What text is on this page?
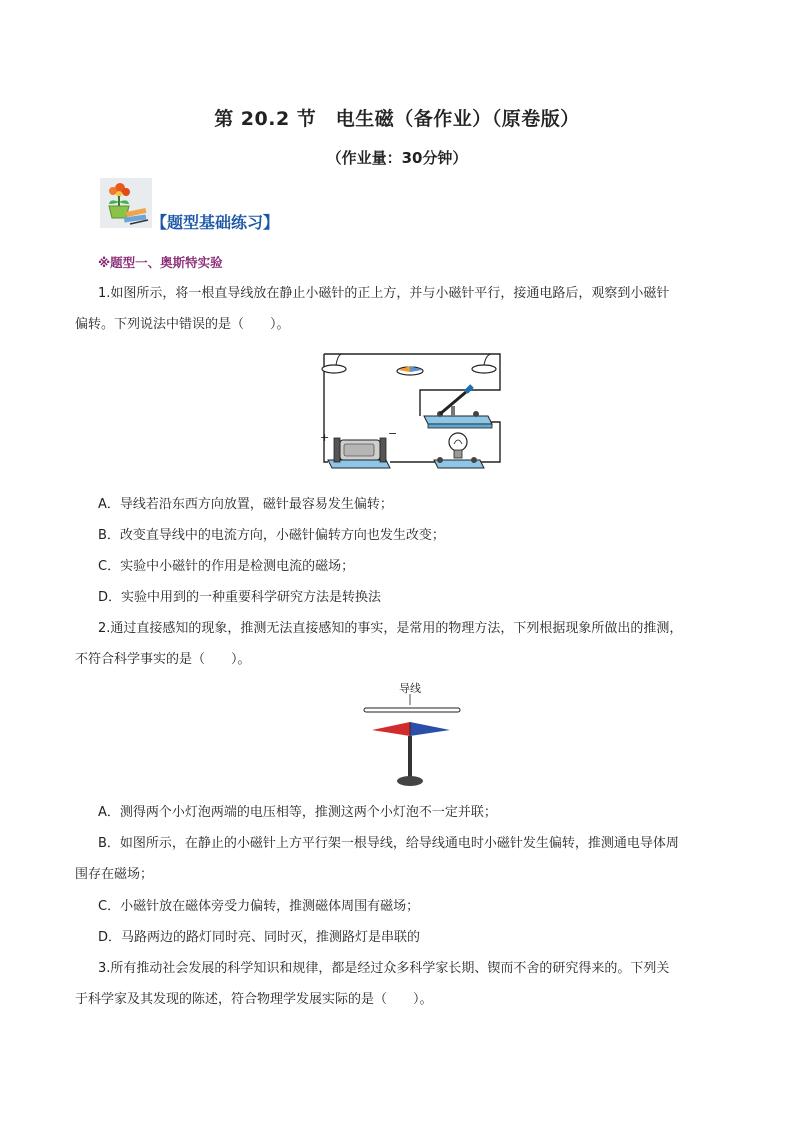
第 20.2 节　电生磁（备作业）（原卷版）
（作业量：30分钟）
【题型基础练习】
※题型一、奥斯特实验
1.如图所示，将一根直导线放在静止小磁针的正上方，并与小磁针平行，接通电路后，观察到小磁针
偏转。下列说法中错误的是（　　）。
+	−
A．导线若沿东西方向放置，磁针最容易发生偏转；
B．改变直导线中的电流方向，小磁针偏转方向也发生改变；
C．实验中小磁针的作用是检测电流的磁场；
D．实验中用到的一种重要科学研究方法是转换法
2.通过直接感知的现象，推测无法直接感知的事实，是常用的物理方法，下列根据现象所做出的推测，
不符合科学事实的是（　　）。
导线
A．测得两个小灯泡两端的电压相等，推测这两个小灯泡不一定并联；
B．如图所示，在静止的小磁针上方平行架一根导线，给导线通电时小磁针发生偏转，推测通电导体周
围存在磁场；
C．小磁针放在磁体旁受力偏转，推测磁体周围有磁场；
D．马路两边的路灯同时亮、同时灭，推测路灯是串联的
3.所有推动社会发展的科学知识和规律，都是经过众多科学家长期、锲而不舍的研究得来的。下列关
于科学家及其发现的陈述，符合物理学发展实际的是（　　）。
